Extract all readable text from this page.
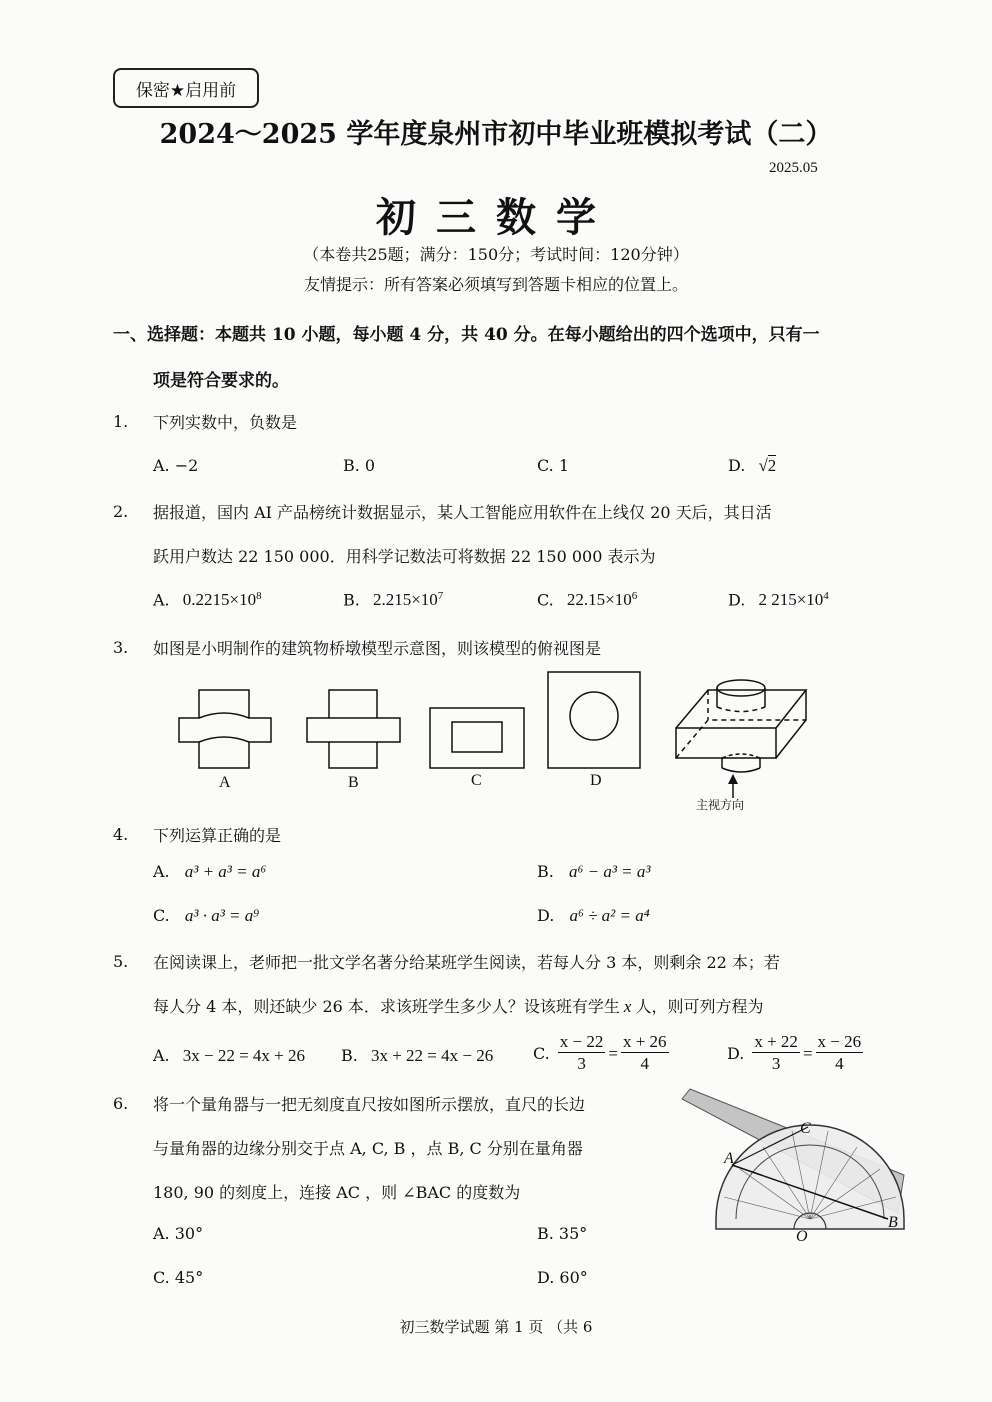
保密★启用前
2024～2025 学年度泉州市初中毕业班模拟考试（二）
2025.05
初三数学
（本卷共25题；满分：150分；考试时间：120分钟）
友情提示：所有答案必须填写到答题卡相应的位置上。
一、选择题：本题共 10 小题，每小题 4 分，共 40 分。在每小题给出的四个选项中，只有一
项是符合要求的。
1. 下列实数中，负数是
A. −2	B. 0	C. 1	D. √2
2. 据报道，国内 AI 产品榜统计数据显示，某人工智能应用软件在上线仅 20 天后，其日活
跃用户数达 22 150 000．用科学记数法可将数据 22 150 000 表示为
A. $0.2215\times 10^8$	B. $2.215\times 10^7$	C. $22.15\times 10^6$	D. 2 $215\times 10^4$
3. 如图是小明制作的建筑物桥墩模型示意图，则该模型的俯视图是
A	B	C	D
主视方向
4. 下列运算正确的是
A. a³ + a³ = a⁶	B. a⁶ − a³ = a³
C. a³ · a³ = a⁹	D. a⁶ ÷ a² = a⁴
5. 在阅读课上，老师把一批文学名著分给某班学生阅读，若每人分 3 本，则剩余 22 本；若
每人分 4 本，则还缺少 26 本．求该班学生多少人？设该班有学生 x 人，则可列方程为
A. 3x − 22 = 4x + 26 B. 3x + 22 = 4x − 26 C. $\frac{x - 22}{3} = \frac{x + 26}{4}$	D. $\frac{x + 22}{3} = \frac{x - 26}{4}$
6. 将一个量角器与一把无刻度直尺按如图所示摆放，直尺的长边
与量角器的边缘分别交于点 A, C, B ，点 B, C 分别在量角器
180, 90 的刻度上，连接 AC ，则 ∠BAC 的度数为
A. 30°	B. 35°
C. 45°	D. 60°
A
B
C
O
初三数学试题 第 1 页 （共 6
